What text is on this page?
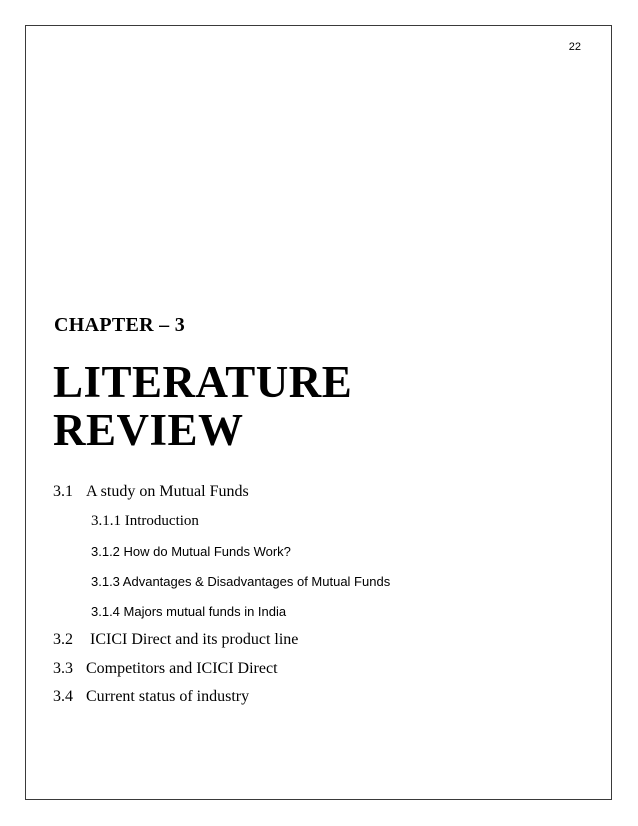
22
CHAPTER – 3
LITERATURE
REVIEW
3.1 A study on Mutual Funds
3.1.1 Introduction
3.1.2 How do Mutual Funds Work?
3.1.3 Advantages & Disadvantages of Mutual Funds
3.1.4 Majors mutual funds in India
3.2 ICICI Direct and its product line
3.3 Competitors and ICICI Direct
3.4 Current status of industry
